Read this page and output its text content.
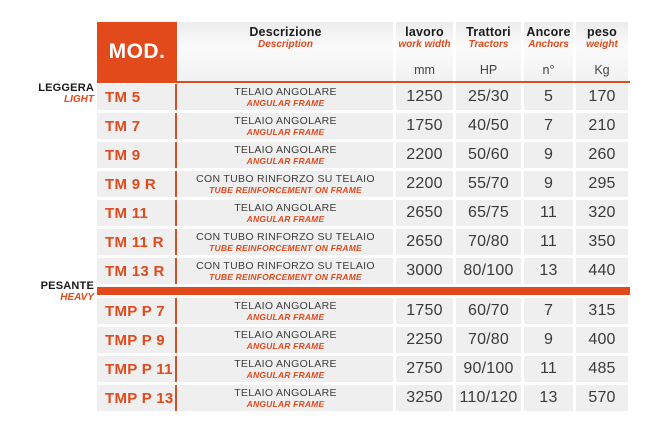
LEGGERA
LIGHT
PESANTE
HEAVY
MOD.
Descrizione
Description
lavoro
work width
mm
Trattori
Tractors
HP
Ancore
Anchors
n°
peso
weight
Kg
TM 5	TELAIO ANGOLARE
ANGULAR FRAME	1250	25/30	5	170
TM 7	TELAIO ANGOLARE
ANGULAR FRAME	1750	40/50	7	210
TM 9	TELAIO ANGOLARE
ANGULAR FRAME	2200	50/60	9	260
TM 9 R	CON TUBO RINFORZO SU TELAIO
TUBE REINFORCEMENT ON FRAME	2200	55/70	9	295
TM 11	TELAIO ANGOLARE
ANGULAR FRAME	2650	65/75	11	320
TM 11 R	CON TUBO RINFORZO SU TELAIO
TUBE REINFORCEMENT ON FRAME	2650	70/80	11	350
TM 13 R	CON TUBO RINFORZO SU TELAIO
TUBE REINFORCEMENT ON FRAME	3000	80/100	13	440
TMP P 7	TELAIO ANGOLARE
ANGULAR FRAME	1750	60/70	7	315
TMP P 9	TELAIO ANGOLARE
ANGULAR FRAME	2250	70/80	9	400
TMP P 11	TELAIO ANGOLARE
ANGULAR FRAME	2750	90/100	11	485
TMP P 13	TELAIO ANGOLARE
ANGULAR FRAME	3250	110/120	13	570
